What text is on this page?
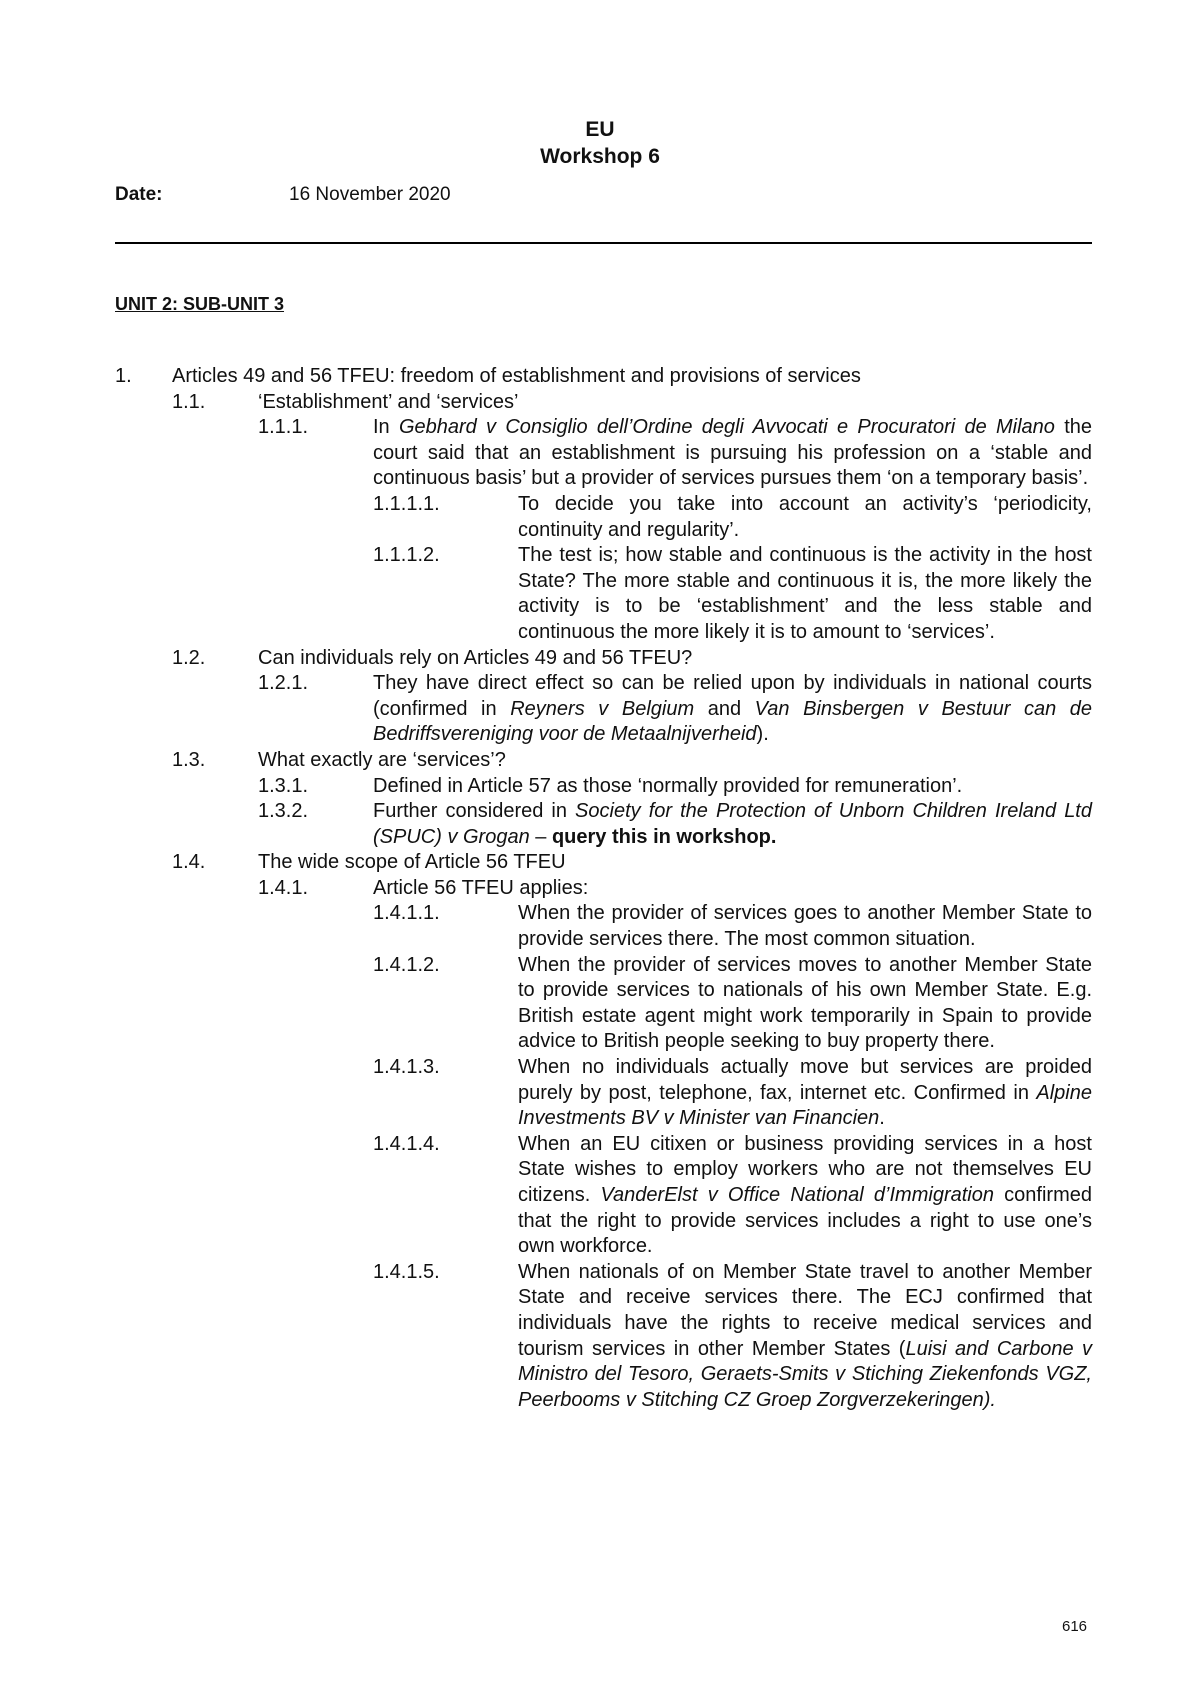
EU
Workshop 6
Date:	16 November 2020
UNIT 2: SUB-UNIT 3
1. Articles 49 and 56 TFEU: freedom of establishment and provisions of services
1.1.	‘Establishment’ and ‘services’
1.1.1.	In Gebhard v Consiglio dell’Ordine degli Avvocati e Procuratori de Milano the court said that an establishment is pursuing his profession on a ‘stable and continuous basis’ but a provider of services pursues them ‘on a temporary basis’.
1.1.1.1.	To decide you take into account an activity’s ‘periodicity, continuity and regularity’.
1.1.1.2.	The test is; how stable and continuous is the activity in the host State? The more stable and continuous it is, the more likely the activity is to be ‘establishment’ and the less stable and continuous the more likely it is to amount to ‘services’.
1.2.	Can individuals rely on Articles 49 and 56 TFEU?
1.2.1.	They have direct effect so can be relied upon by individuals in national courts (confirmed in Reyners v Belgium and Van Binsbergen v Bestuur can de Bedriffsvereniging voor de Metaalnijverheid).
1.3.	What exactly are ‘services’?
1.3.1.	Defined in Article 57 as those ‘normally provided for remuneration’.
1.3.2.	Further considered in Society for the Protection of Unborn Children Ireland Ltd (SPUC) v Grogan – query this in workshop.
1.4.	The wide scope of Article 56 TFEU
1.4.1.	Article 56 TFEU applies:
1.4.1.1.	When the provider of services goes to another Member State to provide services there. The most common situation.
1.4.1.2.	When the provider of services moves to another Member State to provide services to nationals of his own Member State. E.g. British estate agent might work temporarily in Spain to provide advice to British people seeking to buy property there.
1.4.1.3.	When no individuals actually move but services are proided purely by post, telephone, fax, internet etc. Confirmed in Alpine Investments BV v Minister van Financien.
1.4.1.4.	When an EU citixen or business providing services in a host State wishes to employ workers who are not themselves EU citizens. VanderElst v Office National d’Immigration confirmed that the right to provide services includes a right to use one’s own workforce.
1.4.1.5.	When nationals of on Member State travel to another Member State and receive services there. The ECJ confirmed that individuals have the rights to receive medical services and tourism services in other Member States (Luisi and Carbone v Ministro del Tesoro, Geraets-Smits v Stiching Ziekenfonds VGZ, Peerbooms v Stitching CZ Groep Zorgverzekeringen).
616
